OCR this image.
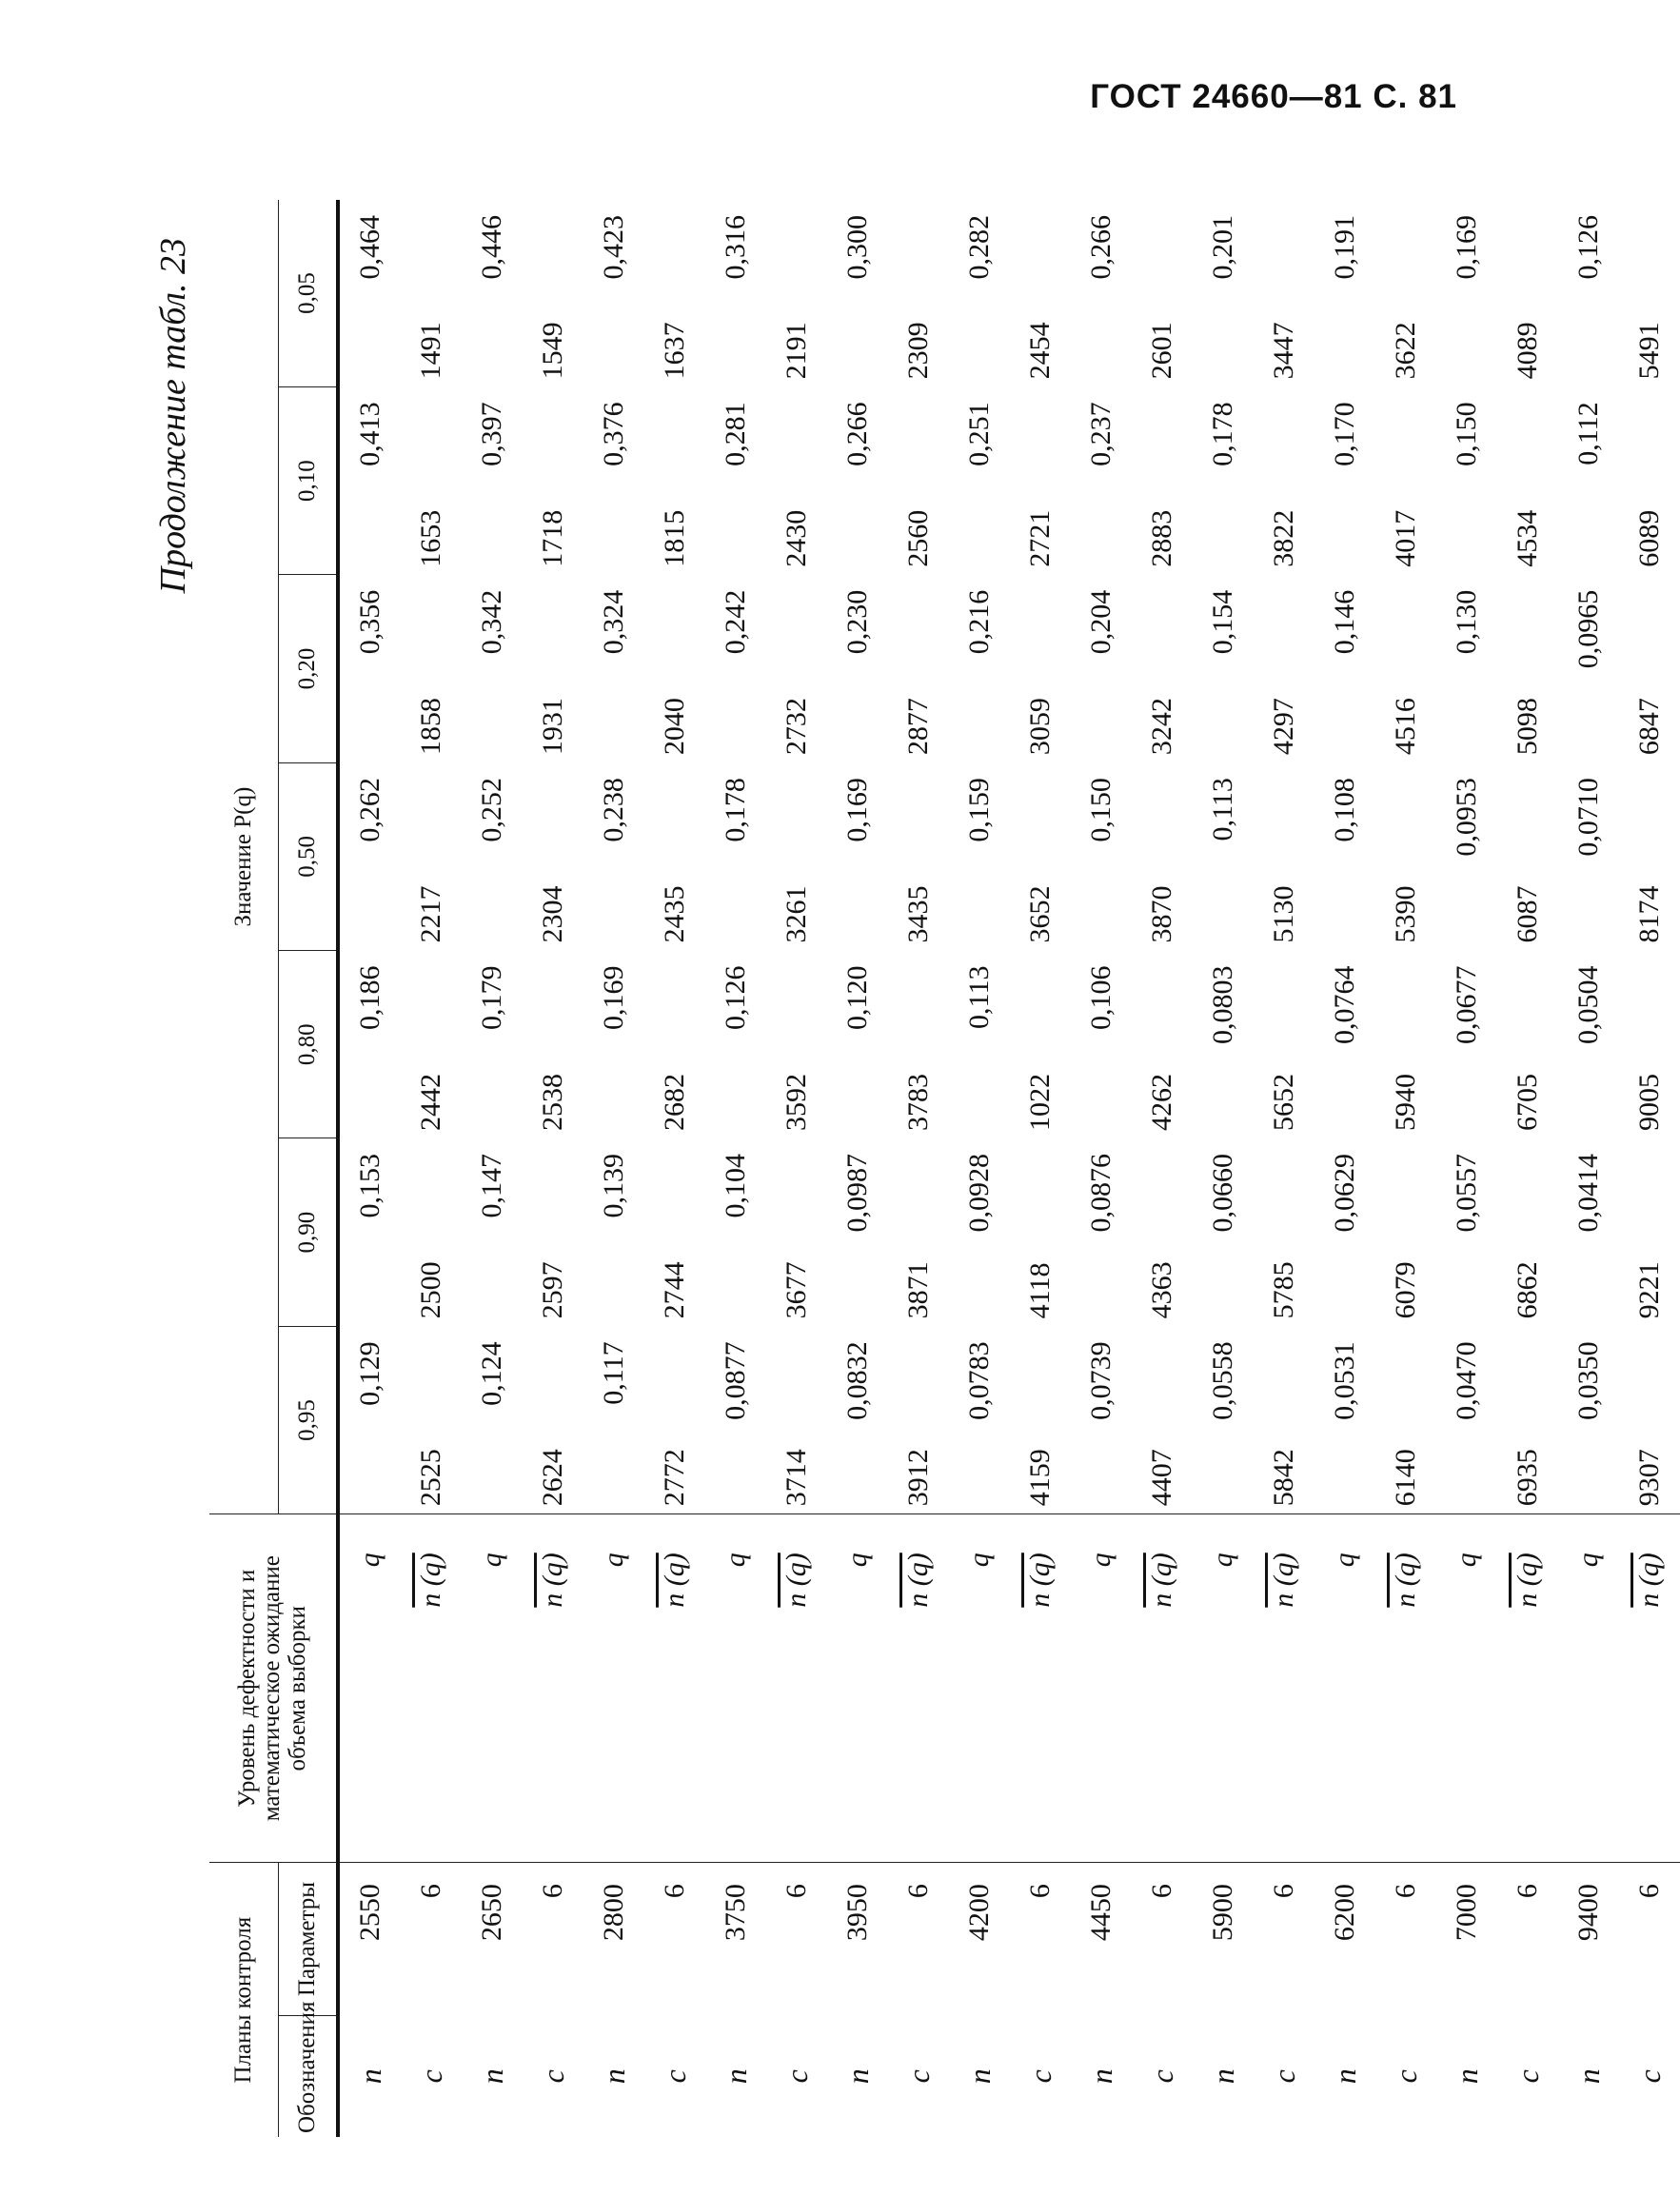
ГОСТ 24660—81 С. 81
Продолжение табл. 23
Планы контроля		Уровень дефектности и математическое ожидание объема выборки	Значение P(q)						
Обозначения	Параметры		0,95	0,90	0,80	0,50	0,20	0,10	0,05

n	2550	q	0,129	0,153	0,186	0,262	0,356	0,413	0,464
c	6	n (q)	2525	2500	2442	2217	1858	1653	1491
n	2650	q	0,124	0,147	0,179	0,252	0,342	0,397	0,446
c	6	n (q)	2624	2597	2538	2304	1931	1718	1549
n	2800	q	0,117	0,139	0,169	0,238	0,324	0,376	0,423
c	6	n (q)	2772	2744	2682	2435	2040	1815	1637
n	3750	q	0,0877	0,104	0,126	0,178	0,242	0,281	0,316
c	6	n (q)	3714	3677	3592	3261	2732	2430	2191
n	3950	q	0,0832	0,0987	0,120	0,169	0,230	0,266	0,300
c	6	n (q)	3912	3871	3783	3435	2877	2560	2309
n	4200	q	0,0783	0,0928	0,113	0,159	0,216	0,251	0,282
c	6	n (q)	4159	4118	1022	3652	3059	2721	2454
n	4450	q	0,0739	0,0876	0,106	0,150	0,204	0,237	0,266
c	6	n (q)	4407	4363	4262	3870	3242	2883	2601
n	5900	q	0,0558	0,0660	0,0803	0,113	0,154	0,178	0,201
c	6	n (q)	5842	5785	5652	5130	4297	3822	3447
n	6200	q	0,0531	0,0629	0,0764	0,108	0,146	0,170	0,191
c	6	n (q)	6140	6079	5940	5390	4516	4017	3622
n	7000	q	0,0470	0,0557	0,0677	0,0953	0,130	0,150	0,169
c	6	n (q)	6935	6862	6705	6087	5098	4534	4089
n	9400	q	0,0350	0,0414	0,0504	0,0710	0,0965	0,112	0,126
c	6	n (q)	9307	9221	9005	8174	6847	6089	5491
